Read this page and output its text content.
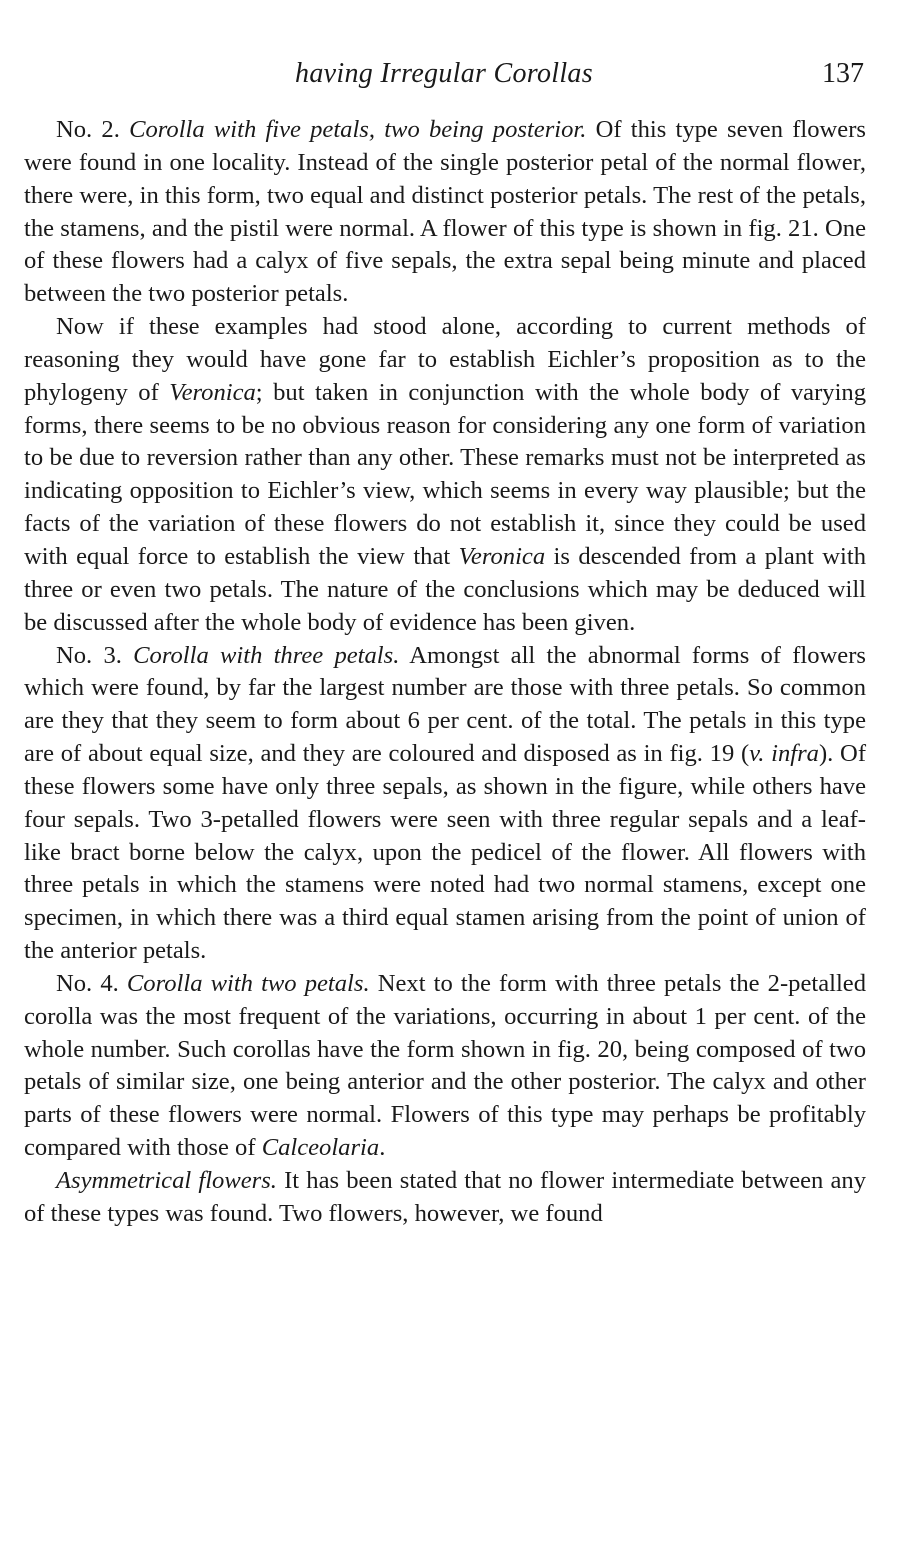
having Irregular Corollas	137

No. 2. Corolla with five petals, two being posterior. Of this type seven flowers were found in one locality. Instead of the single posterior petal of the normal flower, there were, in this form, two equal and distinct posterior petals. The rest of the petals, the stamens, and the pistil were normal. A flower of this type is shown in fig. 21. One of these flowers had a calyx of five sepals, the extra sepal being minute and placed between the two posterior petals.

Now if these examples had stood alone, according to current methods of reasoning they would have gone far to establish Eichler’s proposition as to the phylogeny of Veronica; but taken in conjunction with the whole body of varying forms, there seems to be no obvious reason for considering any one form of variation to be due to reversion rather than any other. These remarks must not be interpreted as indicating opposition to Eichler’s view, which seems in every way plausible; but the facts of the variation of these flowers do not establish it, since they could be used with equal force to establish the view that Veronica is descended from a plant with three or even two petals. The nature of the conclusions which may be deduced will be discussed after the whole body of evidence has been given.

No. 3. Corolla with three petals. Amongst all the abnormal forms of flowers which were found, by far the largest number are those with three petals. So common are they that they seem to form about 6 per cent. of the total. The petals in this type are of about equal size, and they are coloured and disposed as in fig. 19 (v. infra). Of these flowers some have only three sepals, as shown in the figure, while others have four sepals. Two 3-petalled flowers were seen with three regular sepals and a leaf-like bract borne below the calyx, upon the pedicel of the flower. All flowers with three petals in which the stamens were noted had two normal stamens, except one specimen, in which there was a third equal stamen arising from the point of union of the anterior petals.

No. 4. Corolla with two petals. Next to the form with three petals the 2-petalled corolla was the most frequent of the variations, occurring in about 1 per cent. of the whole number. Such corollas have the form shown in fig. 20, being composed of two petals of similar size, one being anterior and the other posterior. The calyx and other parts of these flowers were normal. Flowers of this type may perhaps be profitably compared with those of Calceolaria.

Asymmetrical flowers. It has been stated that no flower intermediate between any of these types was found. Two flowers, however, we found
